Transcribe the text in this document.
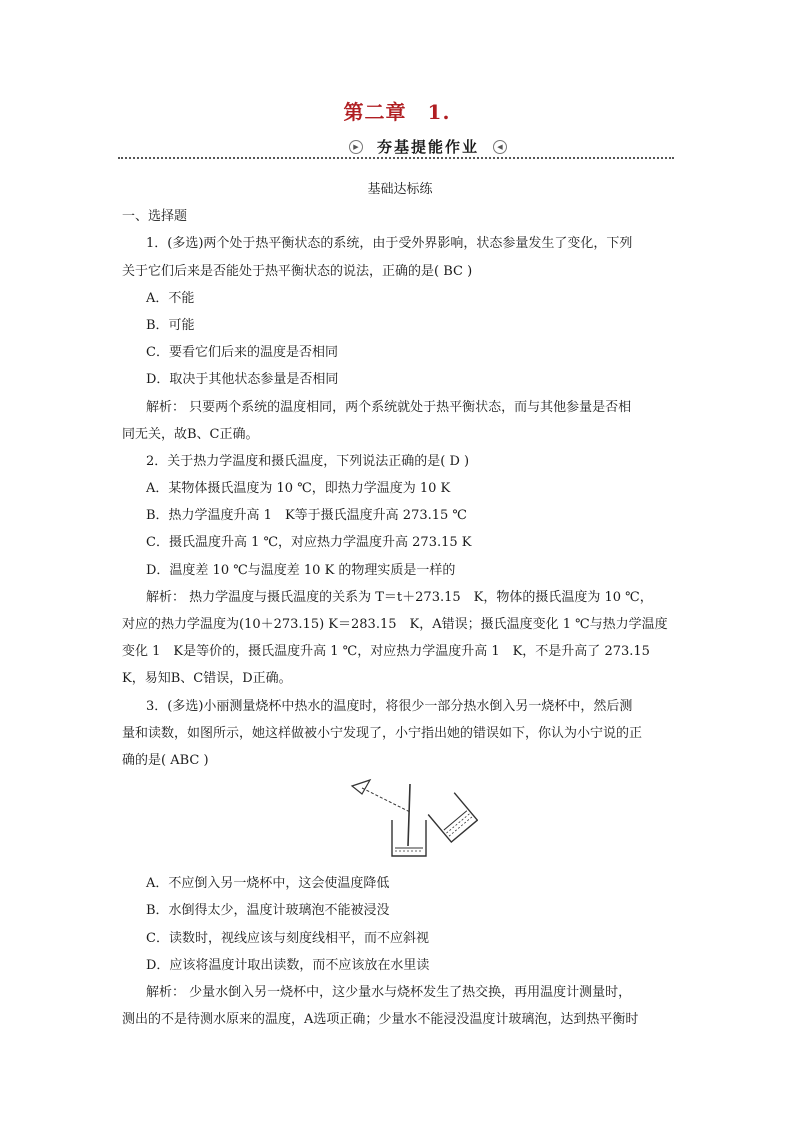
第二章　1.
▶ 夯基提能作业	◀
基础达标练
一、选择题
1．(多选)两个处于热平衡状态的系统，由于受外界影响，状态参量发生了变化，下列
关于它们后来是否能处于热平衡状态的说法，正确的是( BC )
A．不能
B．可能
C．要看它们后来的温度是否相同
D．取决于其他状态参量是否相同
解析： 只要两个系统的温度相同，两个系统就处于热平衡状态，而与其他参量是否相
同无关，故B、C正确。
2．关于热力学温度和摄氏温度，下列说法正确的是( D )
A．某物体摄氏温度为 10 ℃，即热力学温度为 10 K
B．热力学温度升高 1　K等于摄氏温度升高 273.15 ℃
C．摄氏温度升高 1 ℃，对应热力学温度升高 273.15 K
D．温度差 10 ℃与温度差 10 K 的物理实质是一样的
解析： 热力学温度与摄氏温度的关系为 T＝t＋273.15　K，物体的摄氏温度为 10 ℃，
对应的热力学温度为(10＋273.15) K＝283.15　K，A错误；摄氏温度变化 1 ℃与热力学温度
变化 1　K是等价的，摄氏温度升高 1 ℃，对应热力学温度升高 1　K，不是升高了 273.15
K，易知B、C错误，D正确。
3．(多选)小丽测量烧杯中热水的温度时，将很少一部分热水倒入另一烧杯中，然后测
量和读数，如图所示，她这样做被小宁发现了，小宁指出她的错误如下，你认为小宁说的正
确的是( ABC )
A．不应倒入另一烧杯中，这会使温度降低
B．水倒得太少，温度计玻璃泡不能被浸没
C．读数时，视线应该与刻度线相平，而不应斜视
D．应该将温度计取出读数，而不应该放在水里读
解析： 少量水倒入另一烧杯中，这少量水与烧杯发生了热交换，再用温度计测量时，
测出的不是待测水原来的温度，A选项正确；少量水不能浸没温度计玻璃泡，达到热平衡时
